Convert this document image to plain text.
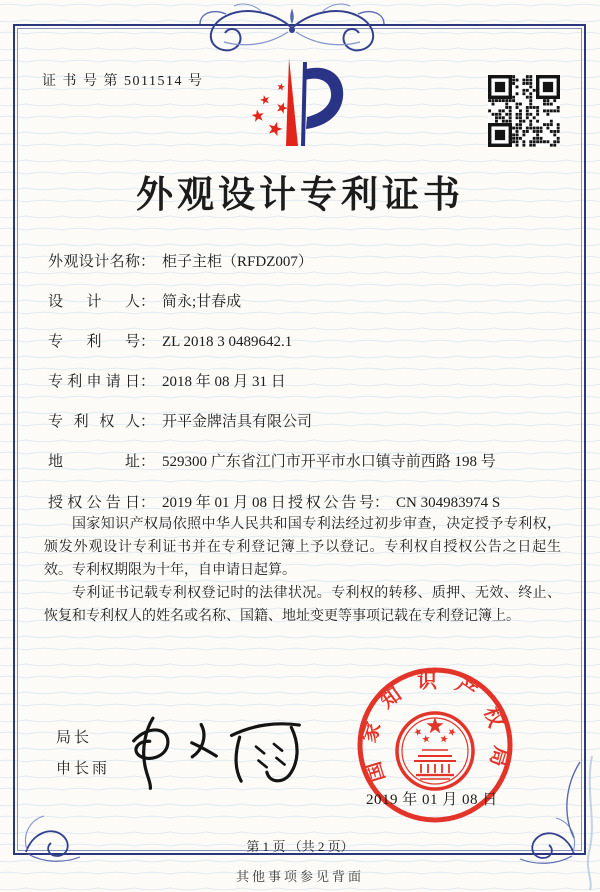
证 书 号 第 5011514 号
外观设计专利证书
外观设计名称： 柜子主柜（RFDZ007）
设计人： 简永;甘春成
专利号： ZL 2018 3 0489642.1
专利申请日： 2018 年 08 月 31 日
专利权人： 开平金牌洁具有限公司
地址： 529300 广东省江门市开平市水口镇寺前西路 198 号
授权公告日： 2019 年 01 月 08 日 授权公告号： CN 304983974 S

国家知识产权局依照中华人民共和国专利法经过初步审查，决定授予专利权，颁发外观设计专利证书并在专利登记簿上予以登记。专利权自授权公告之日起生效。专利权期限为十年，自申请日起算。

专利证书记载专利权登记时的法律状况。专利权的转移、质押、无效、终止、恢复和专利权人的姓名或名称、国籍、地址变更等事项记载在专利登记簿上。

局长
申长雨	国家知识产权局
2019 年 01 月 08 日
第 1 页 （共 2 页）
其他事项参见背面
